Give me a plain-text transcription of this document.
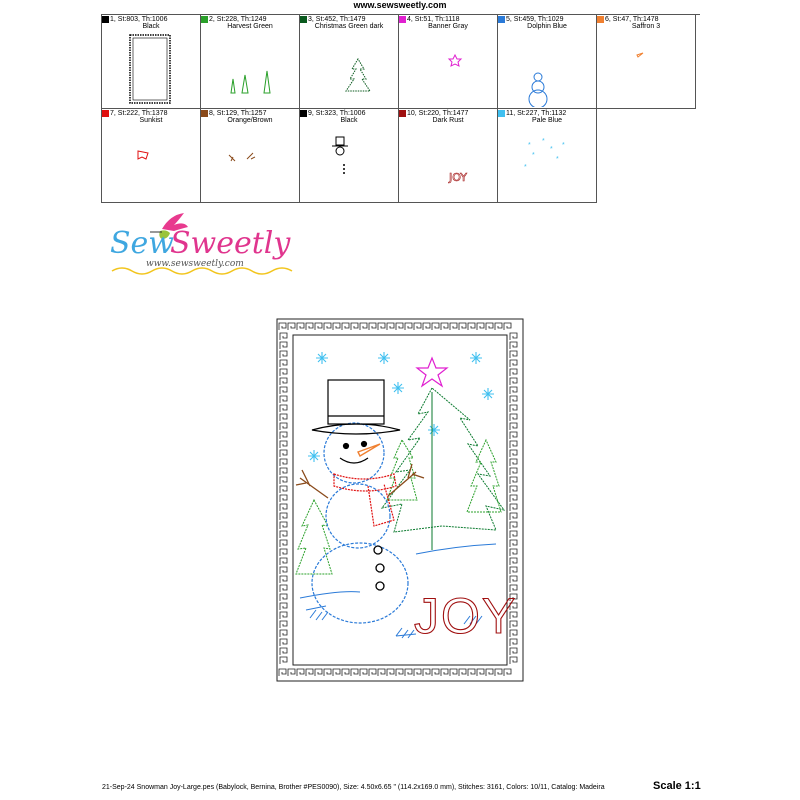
www.sewsweetly.com
1, St:803, Th:1006
Black
2, St:228, Th:1249
Harvest Green
3, St:452, Th:1479
Christmas Green dark
4, St:51, Th:1118
Banner Gray
5, St:459, Th:1029
Dolphin Blue
6, St:47, Th:1478
Saffron 3
7, St:222, Th:1378
Sunkist
8, St:129, Th:1257
Orange/Brown
9, St:323, Th:1006
Black
10, St:220, Th:1477
Dark Rust
JOY
11, St:227, Th:1132
Pale Blue
*
*
*
*
*
*
*
Sew
Sweetly
www.sewsweetly.com
JOY
21-Sep-24 Snowman Joy-Large.pes (Babylock, Bernina, Brother #PES0090), Size: 4.50x6.65 " (114.2x169.0 mm), Stitches: 3161, Colors: 10/11, Catalog: Madeira	Scale 1:1
